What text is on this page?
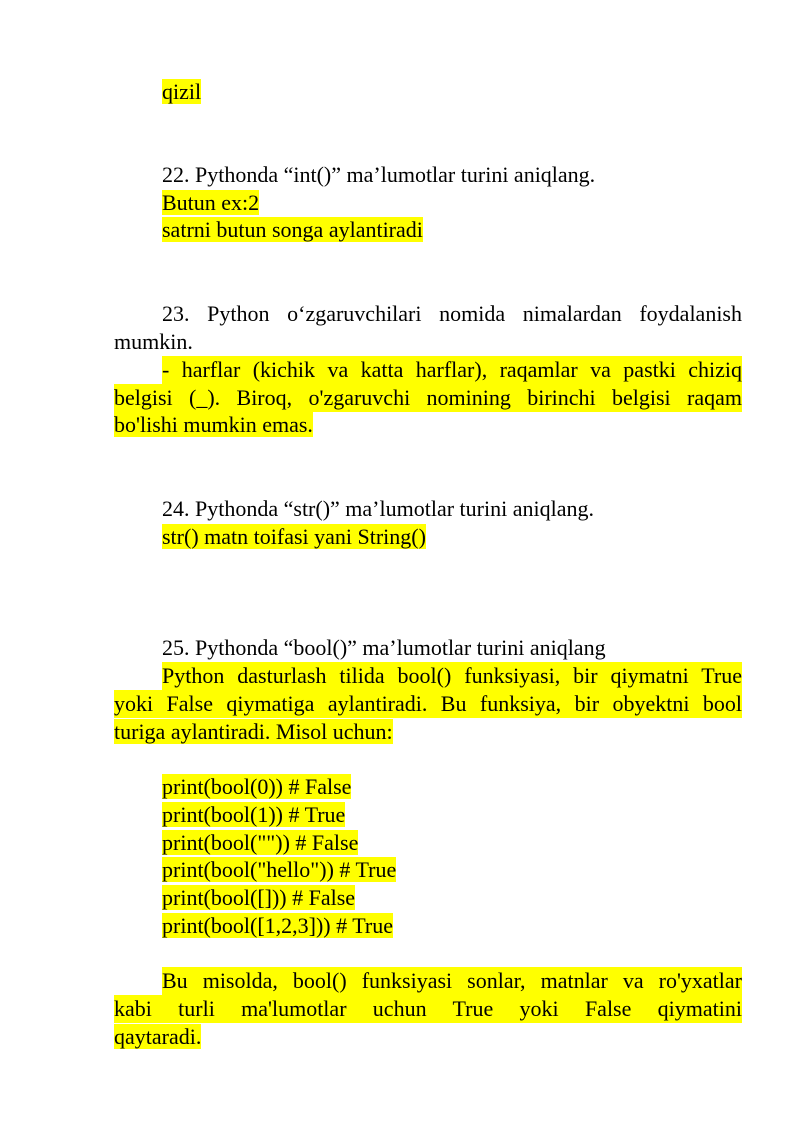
qizil

22. Pythonda “int()” ma’lumotlar turini aniqlang.

Butun ex:2

satrni butun songa aylantiradi

23. Python o‘zgaruvchilari nomida nimalardan foydalanish

mumkin.

- harflar (kichik va katta harflar), raqamlar va pastki chiziq

belgisi (_). Biroq, o'zgaruvchi nomining birinchi belgisi raqam

bo'lishi mumkin emas.

24. Pythonda “str()” ma’lumotlar turini aniqlang.

str() matn toifasi yani String()

25. Pythonda “bool()” ma’lumotlar turini aniqlang

Python dasturlash tilida bool() funksiyasi, bir qiymatni True

yoki False qiymatiga aylantiradi. Bu funksiya, bir obyektni bool

turiga aylantiradi. Misol uchun:

print(bool(0)) # False

print(bool(1)) # True

print(bool("")) # False

print(bool("hello")) # True

print(bool([])) # False

print(bool([1,2,3])) # True

Bu misolda, bool() funksiyasi sonlar, matnlar va ro'yxatlar

kabi turli ma'lumotlar uchun True yoki False qiymatini

qaytaradi.
